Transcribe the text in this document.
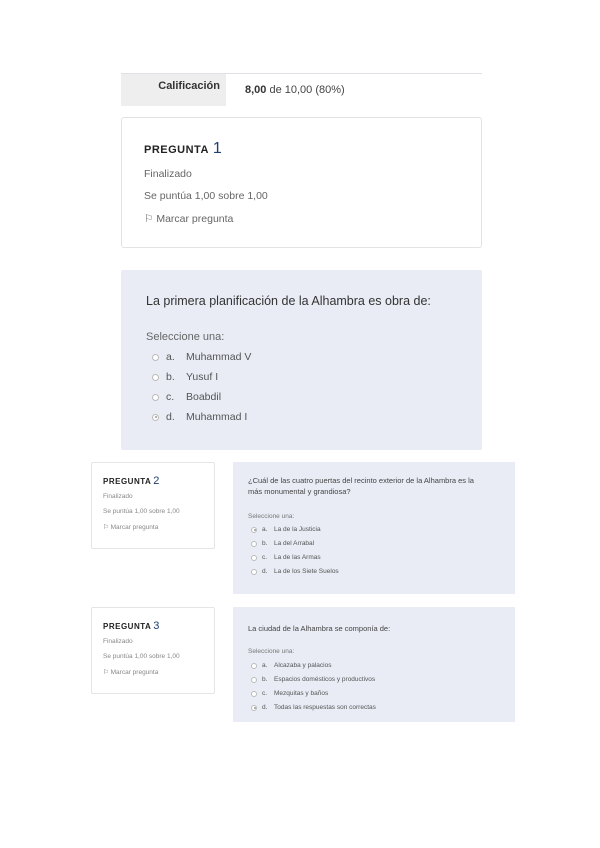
Calificación	8,00 de 10,00 (80%)
PREGUNTA 1
Finalizado
Se puntúa 1,00 sobre 1,00
⚐ Marcar pregunta
La primera planificación de la Alhambra es obra de:
Seleccione una:
a.	Muhammad V
b.	Yusuf I
c.	Boabdil
d.	Muhammad I
PREGUNTA 2
Finalizado
Se puntúa 1,00 sobre 1,00
⚐ Marcar pregunta
¿Cuál de las cuatro puertas del recinto exterior de la Alhambra es la
más monumental y grandiosa?
Seleccione una:
a.	La de la Justicia
b.	La del Arrabal
c.	La de las Armas
d.	La de los Siete Suelos
PREGUNTA 3
Finalizado
Se puntúa 1,00 sobre 1,00
⚐ Marcar pregunta
La ciudad de la Alhambra se componía de:
Seleccione una:
a.	Alcazaba y palacios
b.	Espacios domésticos y productivos
c.	Mezquitas y baños
d.	Todas las respuestas son correctas
